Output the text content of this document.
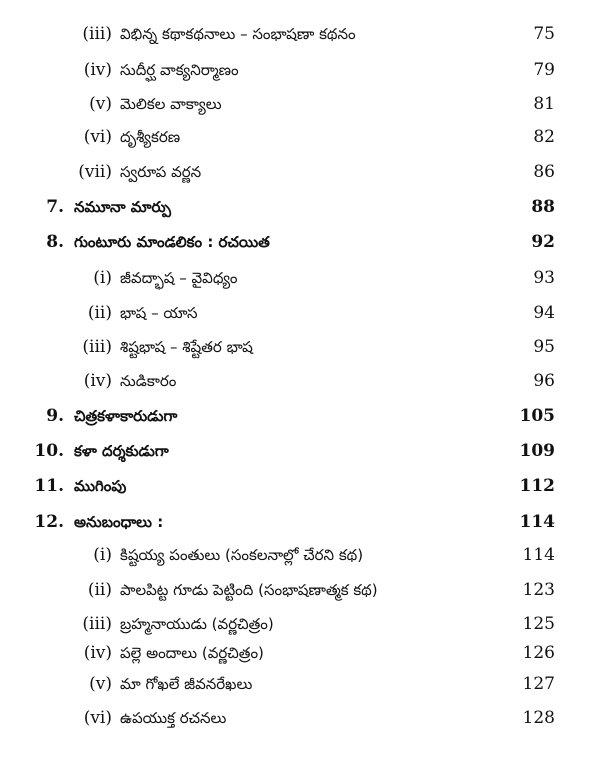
(iii) విభిన్న కథాకథనాలు – సంభాషణా కథనం	75
(iv) సుదీర్ఘ వాక్యనిర్మాణం	79
(v) మెలికల వాక్యాలు	81
(vi) దృశ్యీకరణ	82
(vii) స్వరూప వర్ణన	86
7. నమూనా మార్పు	88
8. గుంటూరు మాండలికం : రచయిత	92
(i) జీవద్భాష – వైవిధ్యం	93
(ii) భాష – యాస	94
(iii) శిష్టభాష – శిష్టేతర భాష	95
(iv) నుడికారం	96
9. చిత్రకళాకారుడుగా	105
10. కళా దర్శకుడుగా	109
11. ముగింపు	112
12. అనుబంధాలు :	114
(i) కిష్టయ్య పంతులు (సంకలనాల్లో చేరని కథ)	114
(ii) పాలపిట్ట గూడు పెట్టింది (సంభాషణాత్మక కథ)	123
(iii) బ్రహ్మనాయుడు (వర్ణచిత్రం)	125
(iv) పల్లె అందాలు (వర్ణచిత్రం)	126
(v) మా గోఖలే జీవనరేఖలు	127
(vi) ఉపయుక్త రచనలు	128
